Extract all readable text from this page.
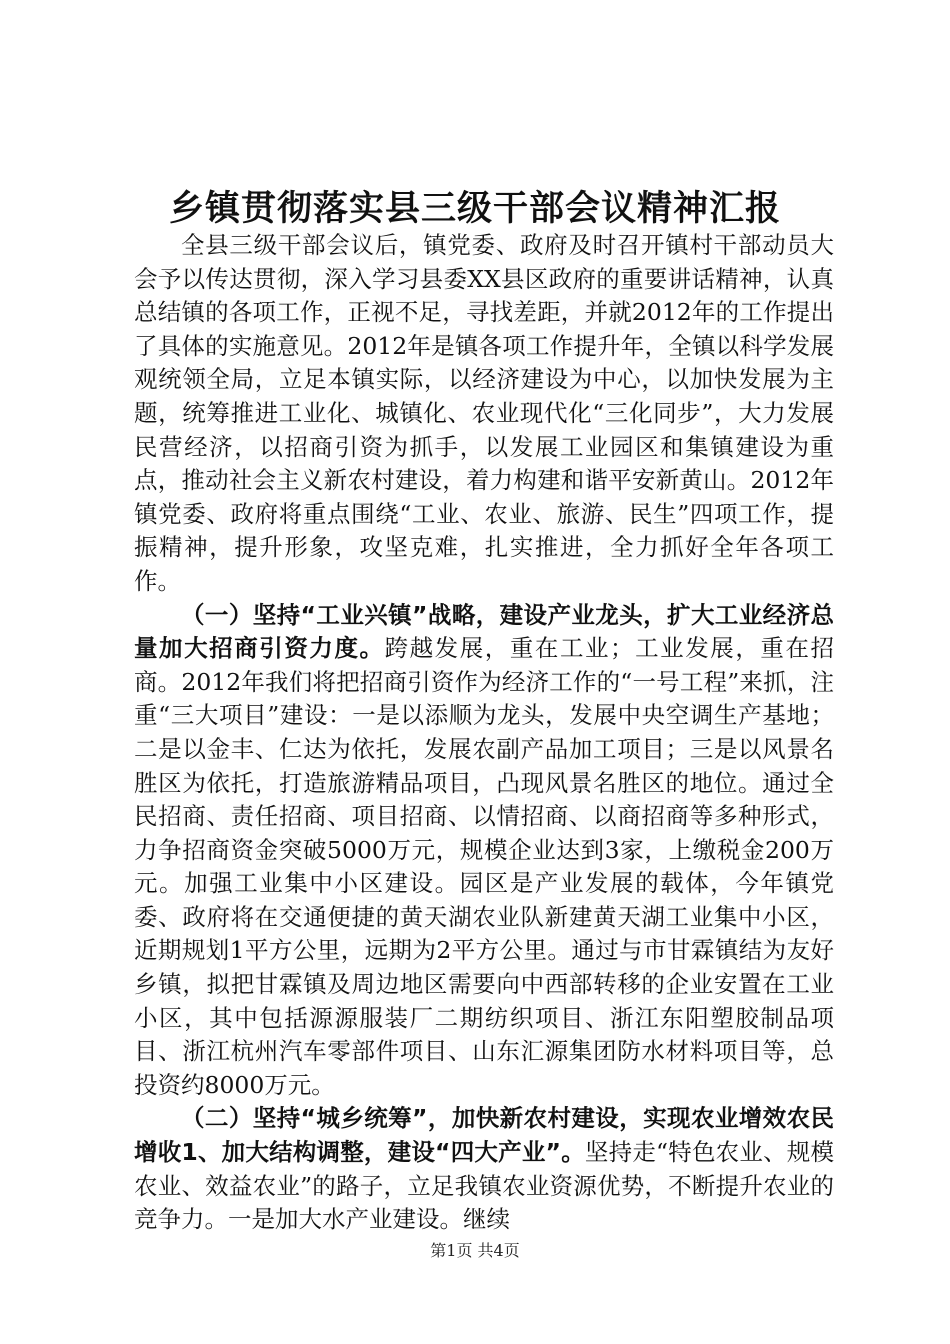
乡镇贯彻落实县三级干部会议精神汇报

全县三级干部会议后，镇党委、政府及时召开镇村干部动员大会予以传达贯彻，深入学习县委XX县区政府的重要讲话精神，认真总结镇的各项工作，正视不足，寻找差距，并就2012年的工作提出了具体的实施意见。2012年是镇各项工作提升年，全镇以科学发展观统领全局，立足本镇实际，以经济建设为中心，以加快发展为主题，统筹推进工业化、城镇化、农业现代化“三化同步”，大力发展民营经济，以招商引资为抓手，以发展工业园区和集镇建设为重点，推动社会主义新农村建设，着力构建和谐平安新黄山。2012年镇党委、政府将重点围绕“工业、农业、旅游、民生”四项工作，提振精神，提升形象，攻坚克难，扎实推进，全力抓好全年各项工作。

（一）坚持“工业兴镇”战略，建设产业龙头，扩大工业经济总量加大招商引资力度。跨越发展，重在工业；工业发展，重在招商。2012年我们将把招商引资作为经济工作的“一号工程”来抓，注重“三大项目”建设：一是以添顺为龙头，发展中央空调生产基地；二是以金丰、仁达为依托，发展农副产品加工项目；三是以风景名胜区为依托，打造旅游精品项目，凸现风景名胜区的地位。通过全民招商、责任招商、项目招商、以情招商、以商招商等多种形式，力争招商资金突破5000万元，规模企业达到3家，上缴税金200万元。加强工业集中小区建设。园区是产业发展的载体，今年镇党委、政府将在交通便捷的黄天湖农业队新建黄天湖工业集中小区，近期规划1平方公里，远期为2平方公里。通过与市甘霖镇结为友好乡镇，拟把甘霖镇及周边地区需要向中西部转移的企业安置在工业小区，其中包括源源服装厂二期纺织项目、浙江东阳塑胶制品项目、浙江杭州汽车零部件项目、山东汇源集团防水材料项目等，总投资约8000万元。

（二）坚持“城乡统筹”，加快新农村建设，实现农业增效农民增收1、加大结构调整，建设“四大产业”。坚持走“特色农业、规模农业、效益农业”的路子，立足我镇农业资源优势，不断提升农业的竞争力。一是加大水产业建设。继续

第1页 共4页
